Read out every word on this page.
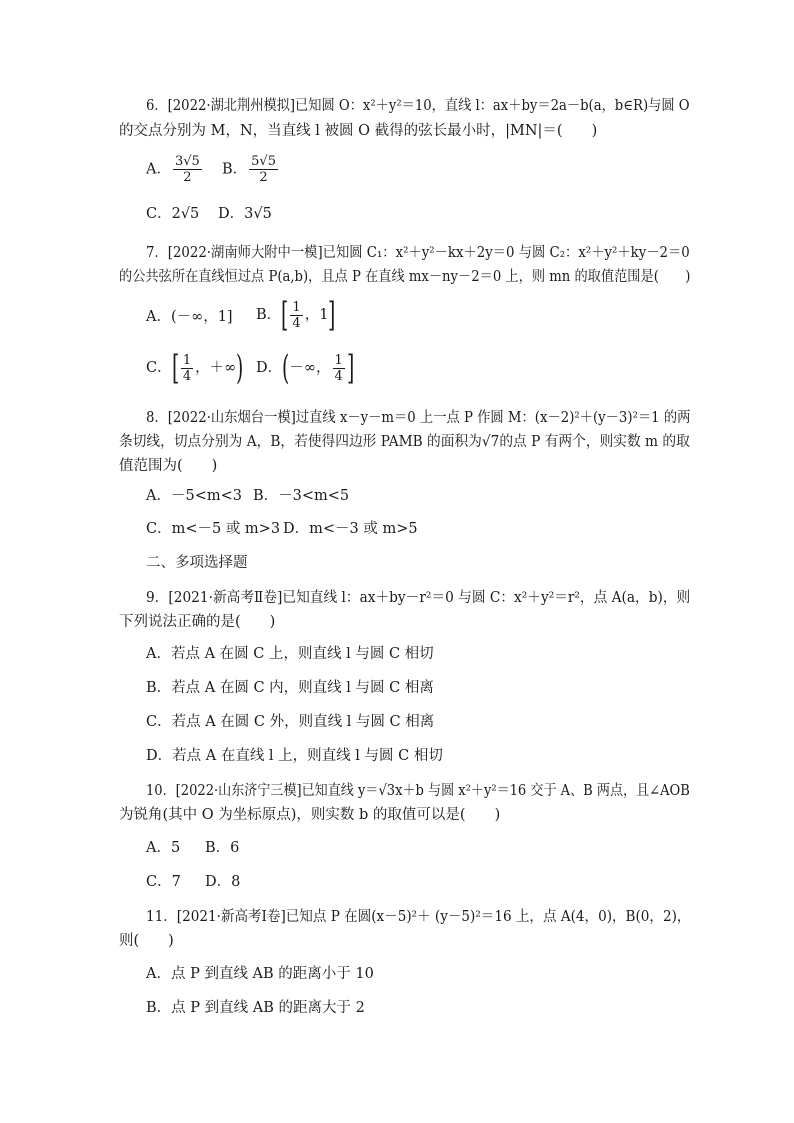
6．[2022·湖北荆州模拟]已知圆 O：x²＋y²＝10，直线 l：ax＋by＝2a－b(a，b∈R)与圆 O
的交点分别为 M，N，当直线 l 被圆 O 截得的弦长最小时，|MN|＝(　　)
A． $\frac{3√5}{2}$ B． $\frac{5√5}{2}$
C．2√5 D．3√5
7．[2022·湖南师大附中一模]已知圆 C₁：x²＋y²－kx＋2y＝0 与圆 C₂：x²＋y²＋ky－2＝0
的公共弦所在直线恒过点 P(a,b)，且点 P 在直线 mx－ny－2＝0 上，则 mn 的取值范围是(　　)
A．(－∞，1] B．[ $\frac{1}{4}$ ，1]
C．[ $\frac{1}{4}$ ，＋∞) D．(－∞， $\frac{1}{4}$ ]
8．[2022·山东烟台一模]过直线 x－y－m＝0 上一点 P 作圆 M：(x－2)²＋(y－3)²＝1 的两
条切线，切点分别为 A，B，若使得四边形 PAMB 的面积为√7的点 P 有两个，则实数 m 的取
值范围为(　　)
A．－5<m<3 B．－3<m<5
C．m<－5 或 m>3 D．m<－3 或 m>5
二、多项选择题
9．[2021·新高考Ⅱ卷]已知直线 l：ax＋by－r²＝0 与圆 C：x²＋y²＝r²，点 A(a，b)，则
下列说法正确的是(　　)
A．若点 A 在圆 C 上，则直线 l 与圆 C 相切
B．若点 A 在圆 C 内，则直线 l 与圆 C 相离
C．若点 A 在圆 C 外，则直线 l 与圆 C 相离
D．若点 A 在直线 l 上，则直线 l 与圆 C 相切
10．[2022·山东济宁三模]已知直线 y＝√3x＋b 与圆 x²＋y²＝16 交于 A、B 两点，且∠AOB
为锐角(其中 O 为坐标原点)，则实数 b 的取值可以是(　　)
A．5 B．6
C．7 D．8
11．[2021·新高考Ⅰ卷]已知点 P 在圆(x－5)²＋ (y－5)²＝16 上，点 A(4，0)，B(0，2)，
则(　　)
A．点 P 到直线 AB 的距离小于 10
B．点 P 到直线 AB 的距离大于 2
